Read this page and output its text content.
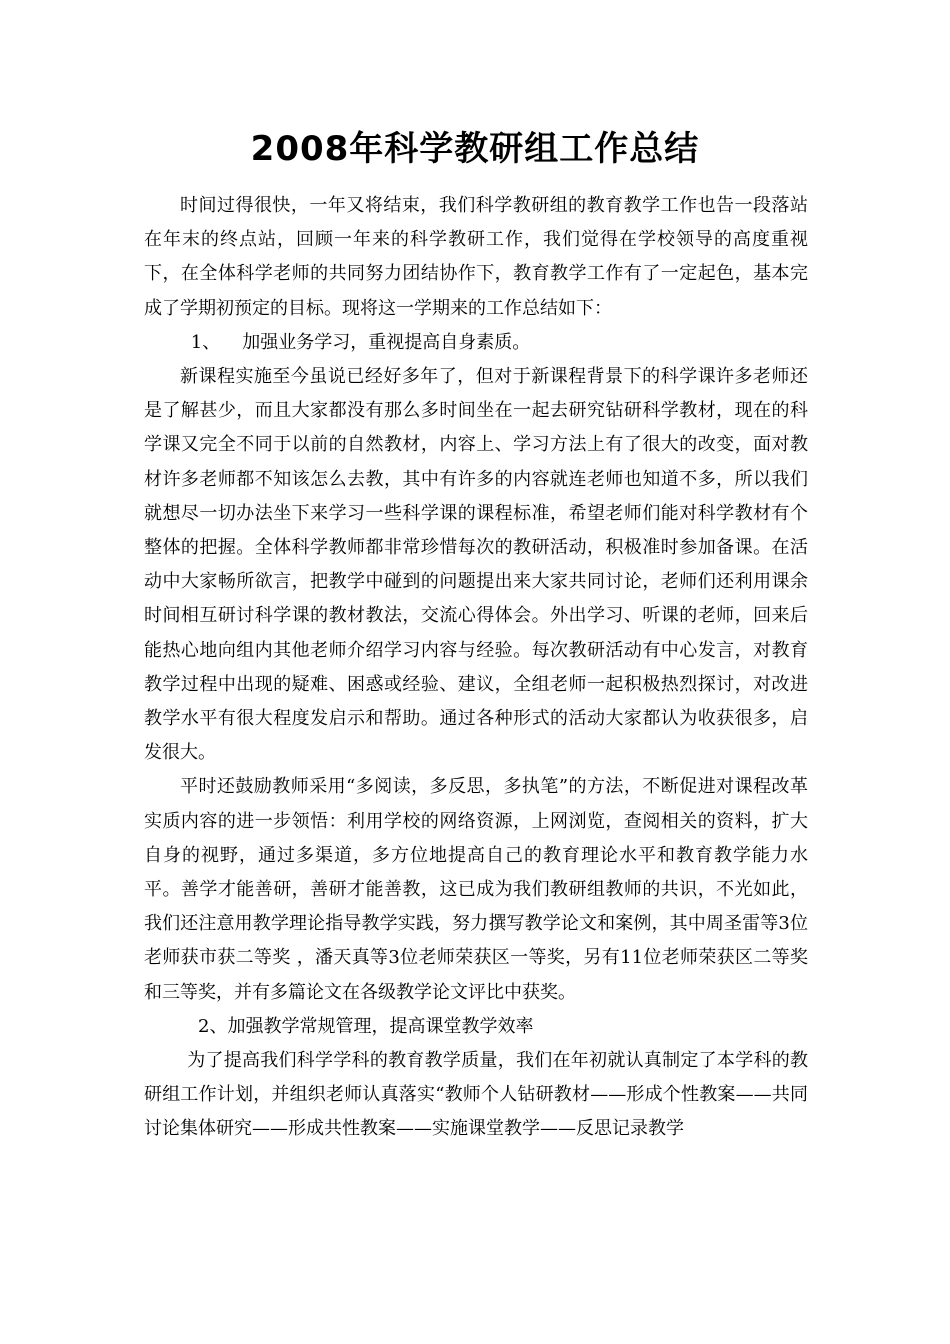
2008年科学教研组工作总结

时间过得很快，一年又将结束，我们科学教研组的教育教学工作也告一段落站在年末的终点站，回顾一年来的科学教研工作，我们觉得在学校领导的高度重视下，在全体科学老师的共同努力团结协作下，教育教学工作有了一定起色，基本完成了学期初预定的目标。现将这一学期来的工作总结如下：

1、 加强业务学习，重视提高自身素质。

新课程实施至今虽说已经好多年了，但对于新课程背景下的科学课许多老师还是了解甚少，而且大家都没有那么多时间坐在一起去研究钻研科学教材，现在的科学课又完全不同于以前的自然教材，内容上、学习方法上有了很大的改变，面对教材许多老师都不知该怎么去教，其中有许多的内容就连老师也知道不多，所以我们就想尽一切办法坐下来学习一些科学课的课程标准，希望老师们能对科学教材有个整体的把握。全体科学教师都非常珍惜每次的教研活动，积极准时参加备课。在活动中大家畅所欲言，把教学中碰到的问题提出来大家共同讨论，老师们还利用课余时间相互研讨科学课的教材教法，交流心得体会。外出学习、听课的老师，回来后能热心地向组内其他老师介绍学习内容与经验。每次教研活动有中心发言，对教育教学过程中出现的疑难、困惑或经验、建议，全组老师一起积极热烈探讨，对改进教学水平有很大程度发启示和帮助。通过各种形式的活动大家都认为收获很多，启发很大。

平时还鼓励教师采用“多阅读，多反思，多执笔”的方法，不断促进对课程改革实质内容的进一步领悟：利用学校的网络资源，上网浏览，查阅相关的资料，扩大自身的视野，通过多渠道，多方位地提高自己的教育理论水平和教育教学能力水平。善学才能善研，善研才能善教，这已成为我们教研组教师的共识，不光如此，我们还注意用教学理论指导教学实践，努力撰写教学论文和案例，其中周圣雷等3位老师获市获二等奖 ，潘天真等3位老师荣获区一等奖，另有11位老师荣获区二等奖和三等奖，并有多篇论文在各级教学论文评比中获奖。

2、加强教学常规管理，提高课堂教学效率

为了提高我们科学学科的教育教学质量，我们在年初就认真制定了本学科的教研组工作计划，并组织老师认真落实“教师个人钻研教材——形成个性教案——共同讨论集体研究——形成共性教案——实施课堂教学——反思记录教学
